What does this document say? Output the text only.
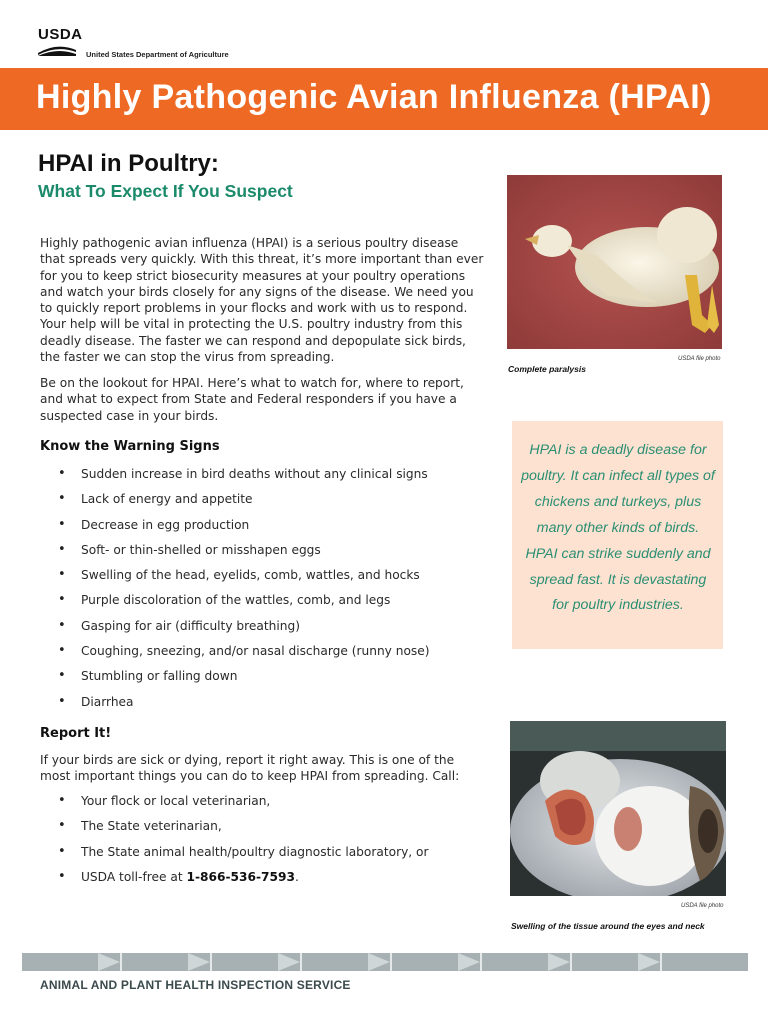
USDA
United States Department of Agriculture
Highly Pathogenic Avian Influenza (HPAI)
HPAI in Poultry:
What To Expect If You Suspect
Highly pathogenic avian influenza (HPAI) is a serious poultry disease that spreads very quickly. With this threat, it’s more important than ever for you to keep strict biosecurity measures at your poultry operations and watch your birds closely for any signs of the disease. We need you to quickly report problems in your flocks and work with us to respond. Your help will be vital in protecting the U.S. poultry industry from this deadly disease. The faster we can respond and depopulate sick birds, the faster we can stop the virus from spreading.
Be on the lookout for HPAI. Here’s what to watch for, where to report, and what to expect from State and Federal responders if you have a suspected case in your birds.
Know the Warning Signs
• Sudden increase in bird deaths without any clinical signs
• Lack of energy and appetite
• Decrease in egg production
• Soft- or thin-shelled or misshapen eggs
• Swelling of the head, eyelids, comb, wattles, and hocks
• Purple discoloration of the wattles, comb, and legs
• Gasping for air (difficulty breathing)
• Coughing, sneezing, and/or nasal discharge (runny nose)
• Stumbling or falling down
• Diarrhea
Report It!
If your birds are sick or dying, report it right away. This is one of the most important things you can do to keep HPAI from spreading. Call:
• Your flock or local veterinarian,
• The State veterinarian,
• The State animal health/poultry diagnostic laboratory, or
• USDA toll-free at 1-866-536-7593.
USDA file photo
Complete paralysis
HPAI is a deadly disease for poultry. It can infect all types of chickens and turkeys, plus many other kinds of birds. HPAI can strike suddenly and spread fast. It is devastating for poultry industries.
USDA file photo
Swelling of the tissue around the eyes and neck
ANIMAL AND PLANT HEALTH INSPECTION SERVICE
